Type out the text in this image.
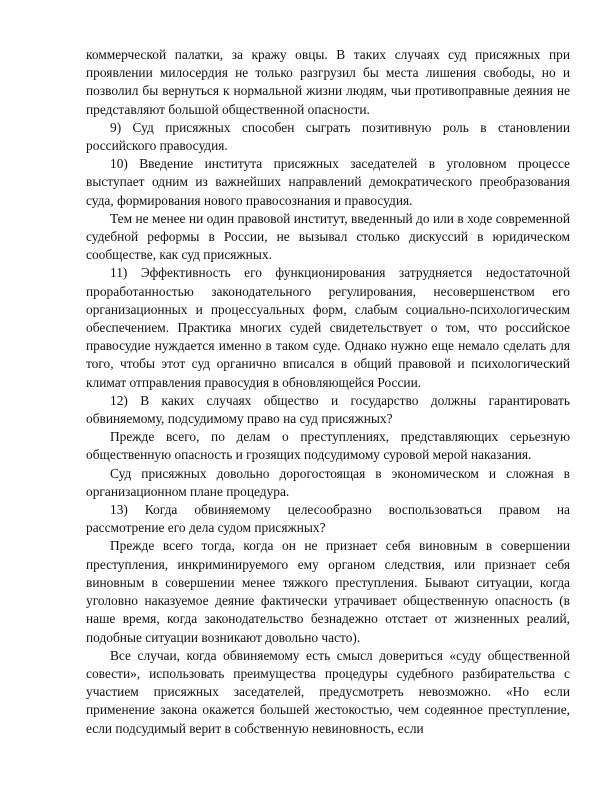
коммерческой палатки, за кражу овцы. В таких случаях суд присяжных при проявлении милосердия не только разгрузил бы места лишения свободы, но и позволил бы вернуться к нормальной жизни людям, чьи противоправные деяния не представляют большой общественной опасности.

9) Суд присяжных способен сыграть позитивную роль в становлении российского правосудия.

10) Введение института присяжных заседателей в уголовном процессе выступает одним из важнейших направлений демократического преобразования суда, формирования нового правосознания и правосудия.

Тем не менее ни один правовой институт, введенный до или в ходе современной судебной реформы в России, не вызывал столько дискуссий в юридическом сообществе, как суд присяжных.

11) Эффективность его функционирования затрудняется недостаточной проработанностью законодательного регулирования, несовершенством его организационных и процессуальных форм, слабым социально-психологическим обеспечением. Практика многих судей свидетельствует о том, что российское правосудие нуждается именно в таком суде. Однако нужно еще немало сделать для того, чтобы этот суд органично вписался в общий правовой и психологический климат отправления правосудия в обновляющейся России.

12) В каких случаях общество и государство должны гарантировать обвиняемому, подсудимому право на суд присяжных?

Прежде всего, по делам о преступлениях, представляющих серьезную общественную опасность и грозящих подсудимому суровой мерой наказания.

Суд присяжных довольно дорогостоящая в экономическом и сложная в организационном плане процедура.

13) Когда обвиняемому целесообразно воспользоваться правом на рассмотрение его дела судом присяжных?

Прежде всего тогда, когда он не признает себя виновным в совершении преступления, инкриминируемого ему органом следствия, или признает себя виновным в совершении менее тяжкого преступления. Бывают ситуации, когда уголовно наказуемое деяние фактически утрачивает общественную опасность (в наше время, когда законодательство безнадежно отстает от жизненных реалий, подобные ситуации возникают довольно часто).

Все случаи, когда обвиняемому есть смысл довериться «суду общественной совести», использовать преимущества процедуры судебного разбирательства с участием присяжных заседателей, предусмотреть невозможно. «Но если применение закона окажется большей жестокостью, чем содеянное преступление, если подсудимый верит в собственную невиновность, если
